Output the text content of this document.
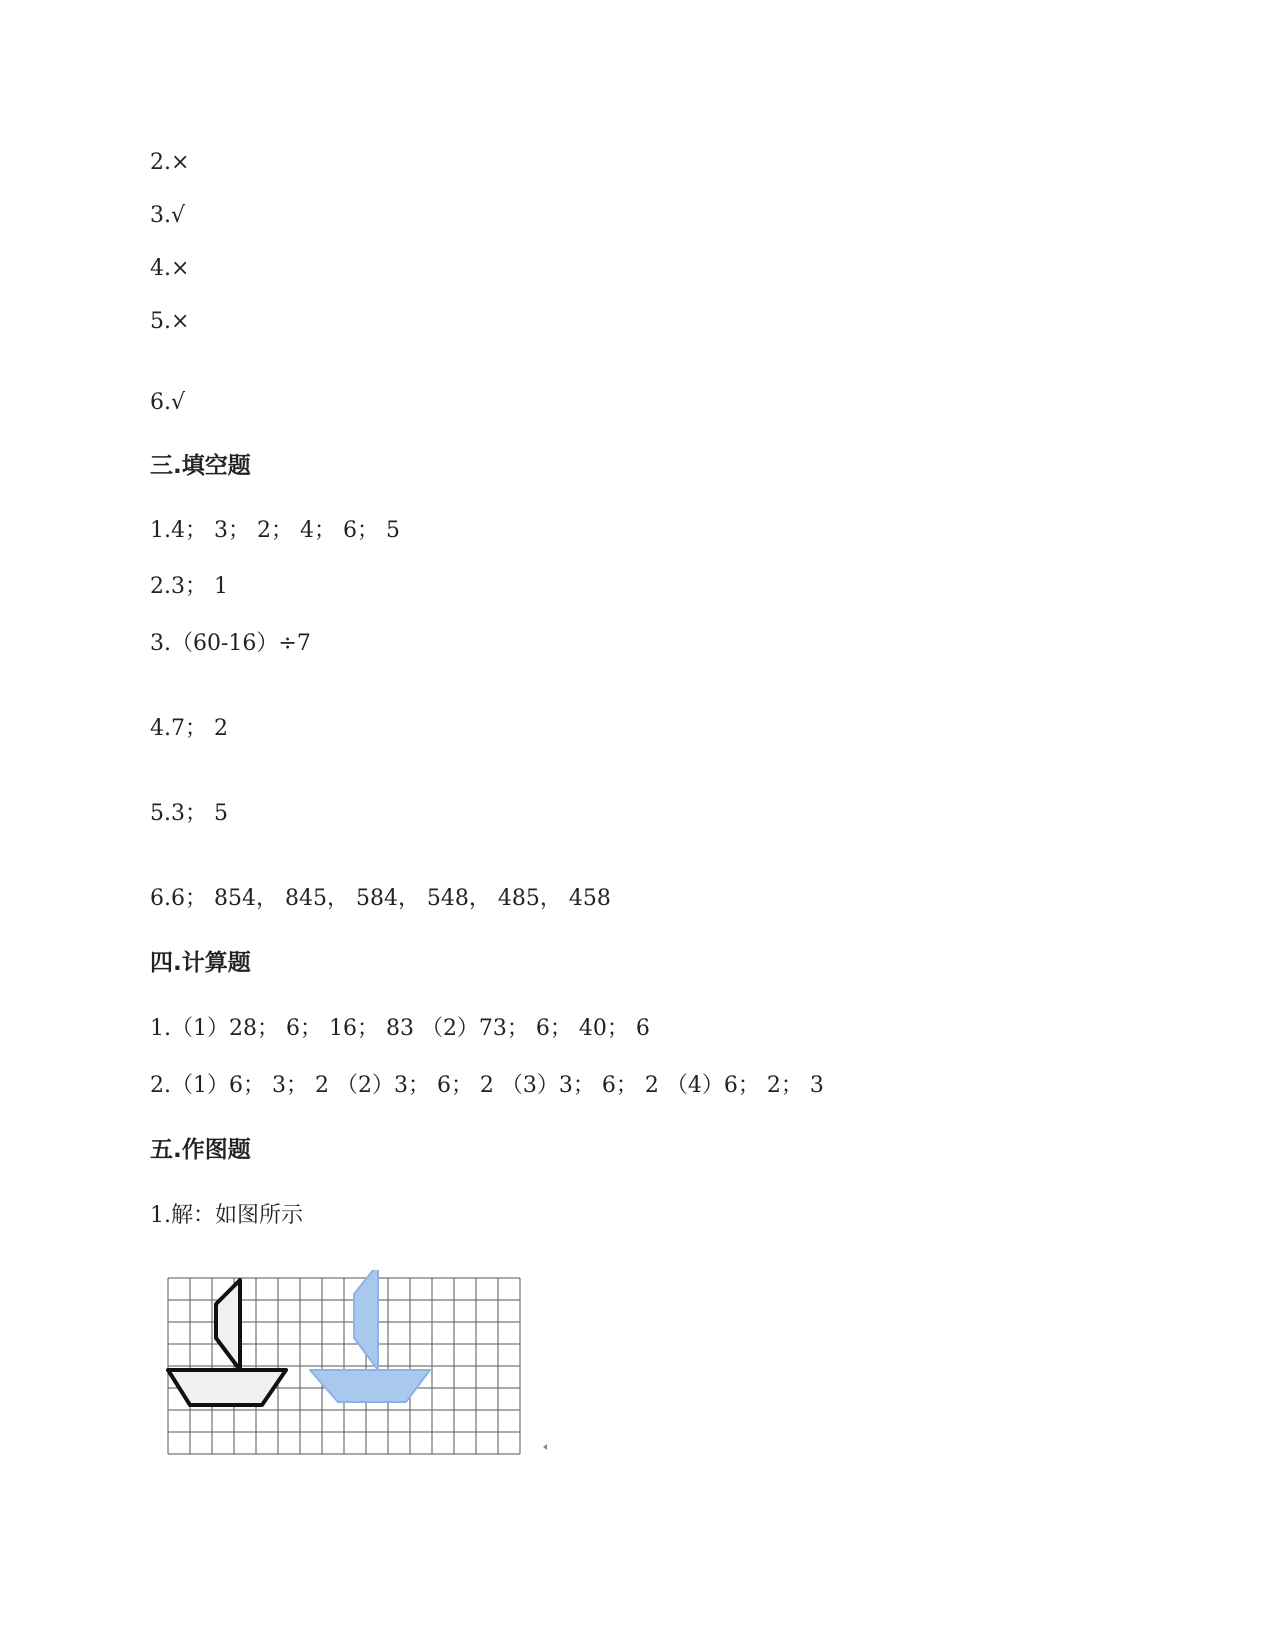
2.×
3.√
4.×
5.×
6.√
三.填空题
1.4； 3； 2； 4； 6； 5
2.3； 1
3.（60-16）÷7
4.7； 2
5.3； 5
6.6； 854， 845， 584， 548， 485， 458
四.计算题
1.（1）28； 6； 16； 83 （2）73； 6； 40； 6
2.（1）6； 3； 2 （2）3； 6； 2 （3）3； 6； 2 （4）6； 2； 3
五.作图题
1.解：如图所示
